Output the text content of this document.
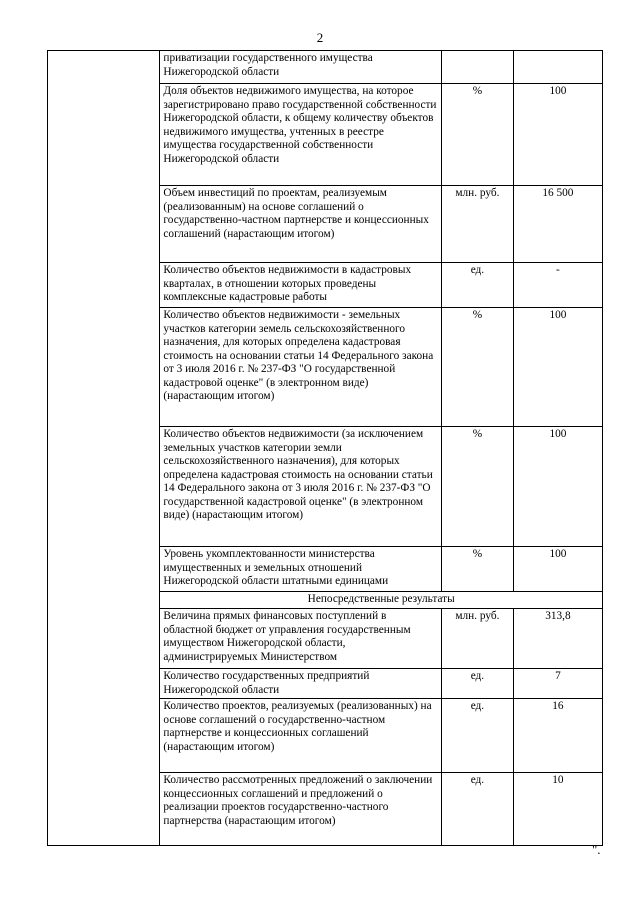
2
	приватизации государственного имущества Нижегородской области		
	Доля объектов недвижимого имущества, на которое зарегистрировано право государственной собственности Нижегородской области, к общему количеству объектов недвижимого имущества, учтенных в реестре имущества государственной собственности Нижегородской области	%	100
	Объем инвестиций по проектам, реализуемым (реализованным) на основе соглашений о государственно-частном партнерстве и концессионных соглашений (нарастающим итогом)	млн. руб.	16 500
	Количество объектов недвижимости в кадастровых кварталах, в отношении которых проведены комплексные кадастровые работы	ед.	-
	Количество объектов недвижимости - земельных участков категории земель сельскохозяйственного назначения, для которых определена кадастровая стоимость на основании статьи 14 Федерального закона от 3 июля 2016 г. № 237-ФЗ "О государственной кадастровой оценке" (в электронном виде) (нарастающим итогом)	%	100
	Количество объектов недвижимости (за исключением земельных участков категории земли сельскохозяйственного назначения), для которых определена кадастровая стоимость на основании статьи 14 Федерального закона от 3 июля 2016 г. № 237-ФЗ "О государственной кадастровой оценке" (в электронном виде) (нарастающим итогом)	%	100
	Уровень укомплектованности министерства имущественных и земельных отношений Нижегородской области штатными единицами	%	100
	Непосредственные результаты		
	Величина прямых финансовых поступлений в областной бюджет от управления государственным имуществом Нижегородской области, администрируемых Министерством	млн. руб.	313,8
	Количество государственных предприятий Нижегородской области	ед.	7
	Количество проектов, реализуемых (реализованных) на основе соглашений о государственно-частном партнерстве и концессионных соглашений (нарастающим итогом)	ед.	16
	Количество рассмотренных предложений о заключении концессионных соглашений и предложений о реализации проектов государственно-частного партнерства (нарастающим итогом)	ед.	10
".
